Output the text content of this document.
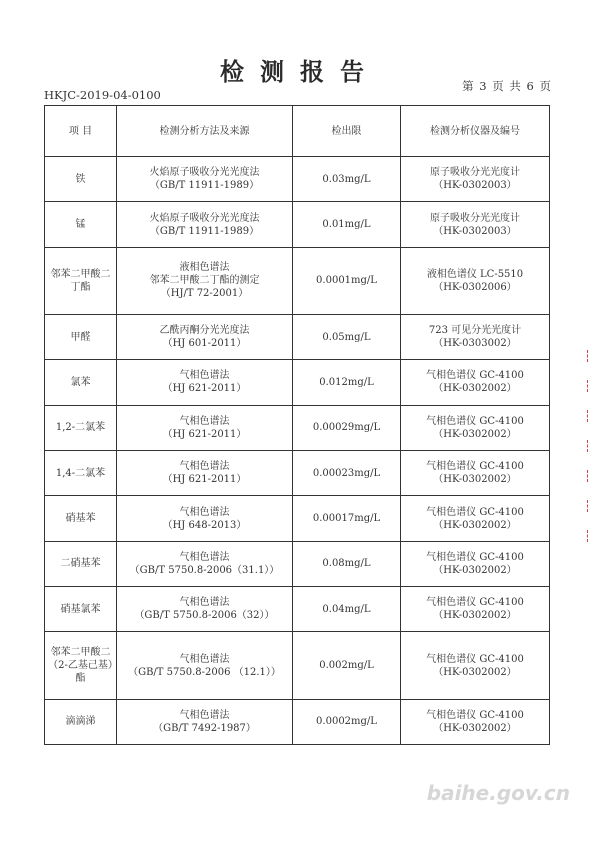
检测报告
HKJC-2019-04-0100
第 3 页 共 6 页
项 目	检测分析方法及来源	检出限	检测分析仪器及编号
铁	火焰原子吸收分光光度法
（GB/T 11911-1989）	0.03mg/L	原子吸收分光光度计
（HK-0302003）

锰	火焰原子吸收分光光度法
（GB/T 11911-1989）	0.01mg/L	原子吸收分光光度计
（HK-0302003）

邻苯二甲酸二丁酯	液相色谱法
邻苯二甲酸二丁酯的测定
（HJ/T 72-2001）	0.0001mg/L	液相色谱仪 LC-5510
（HK-0302006）

甲醛	乙酰丙酮分光光度法
（HJ 601-2011）	0.05mg/L	723 可见分光光度计
（HK-0303002）

氯苯	气相色谱法
（HJ 621-2011）	0.012mg/L	气相色谱仪 GC-4100
（HK-0302002）

1,2-二氯苯	气相色谱法
（HJ 621-2011）	0.00029mg/L	气相色谱仪 GC-4100
（HK-0302002）

1,4-二氯苯	气相色谱法
（HJ 621-2011）	0.00023mg/L	气相色谱仪 GC-4100
（HK-0302002）

硝基苯	气相色谱法
（HJ 648-2013）	0.00017mg/L	气相色谱仪 GC-4100
（HK-0302002）

二硝基苯	气相色谱法
（GB/T 5750.8-2006（31.1））	0.08mg/L	气相色谱仪 GC-4100
（HK-0302002）

硝基氯苯	气相色谱法
（GB/T 5750.8-2006（32））	0.04mg/L	气相色谱仪 GC-4100
（HK-0302002）

邻苯二甲酸二（2-乙基己基）酯	气相色谱法
（GB/T 5750.8-2006 （12.1））	0.002mg/L	气相色谱仪 GC-4100
（HK-0302002）

滴滴涕	气相色谱法
（GB/T 7492-1987）	0.0002mg/L	气相色谱仪 GC-4100
（HK-0302002）
baihe.gov.cn
